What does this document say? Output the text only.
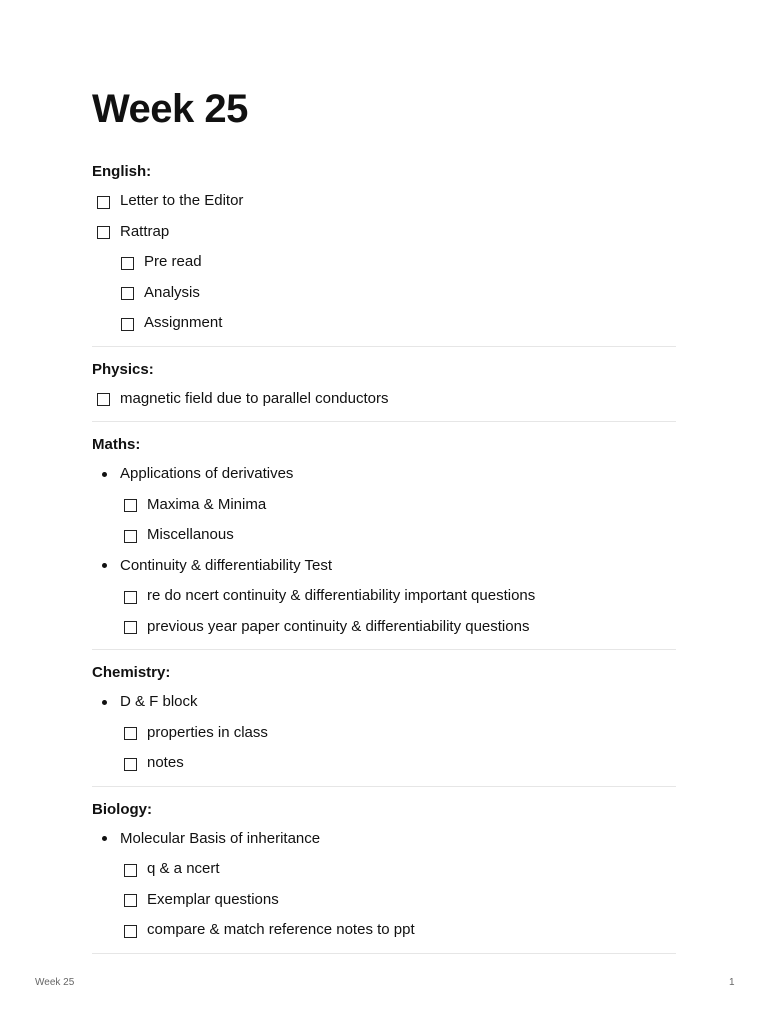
Week 25
English:
Letter to the Editor
Rattrap
Pre read
Analysis
Assignment
Physics:
magnetic field due to parallel conductors
Maths:
Applications of derivatives
Maxima & Minima
Miscellanous
Continuity & differentiability Test
re do ncert continuity & differentiability important questions
previous year paper continuity & differentiability questions
Chemistry:
D & F block
properties in class
notes
Biology:
Molecular Basis of inheritance
q & a ncert
Exemplar questions
compare & match reference notes to ppt
Week 25	1
